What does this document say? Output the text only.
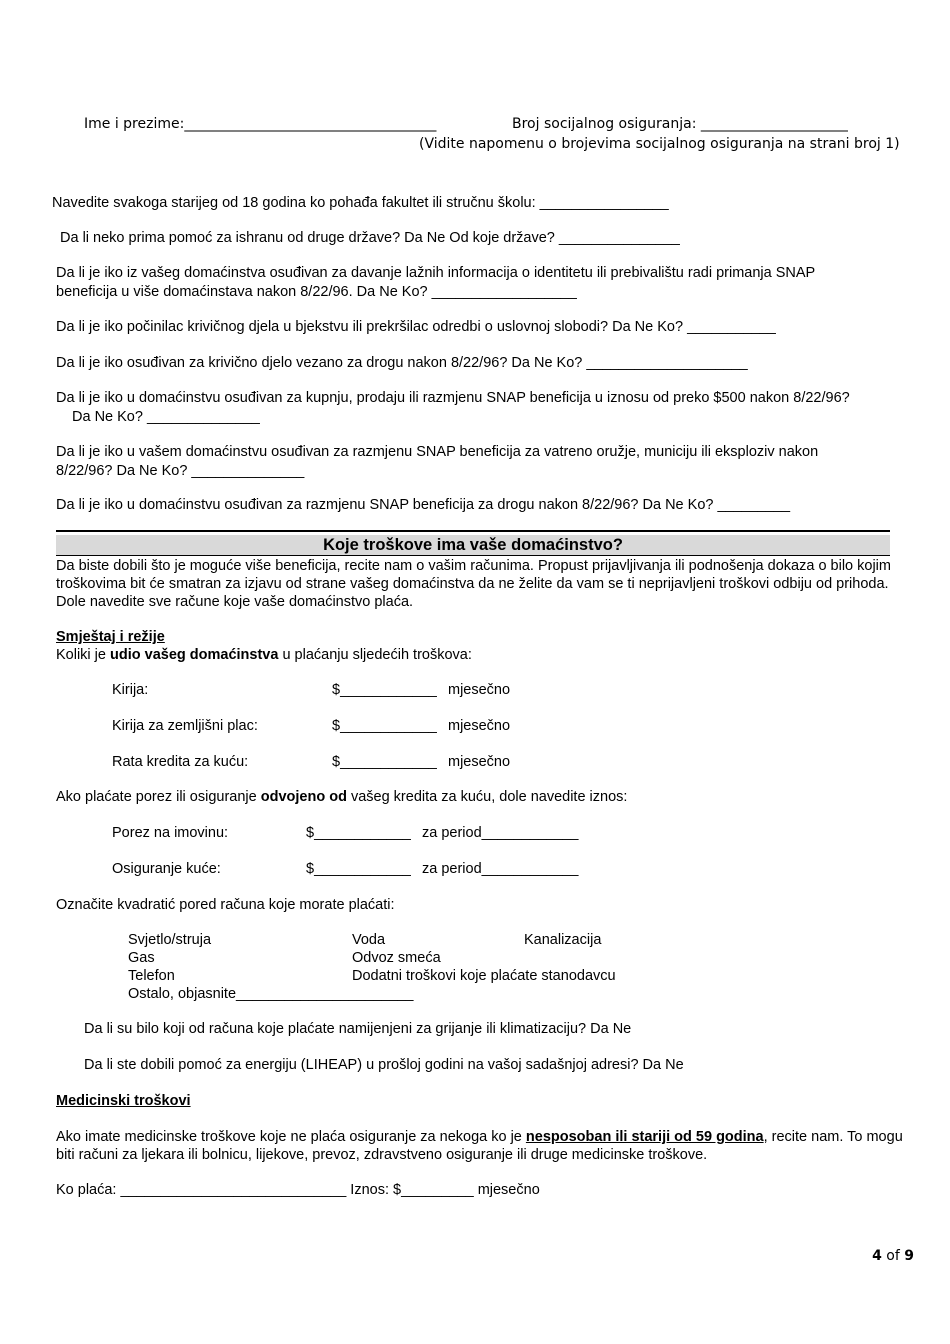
Ime i prezime:____________________________________	Broj socijalnog osiguranja: _____________________
(Vidite napomenu o brojevima socijalnog osiguranja na strani broj 1)
Navedite svakoga starijeg od 18 godina ko pohađa fakultet ili stručnu školu: ________________
Da li neko prima pomoć za ishranu od druge države? Da Ne Od koje države? _______________
Da li je iko iz vašeg domaćinstva osuđivan za davanje lažnih informacija o identitetu ili prebivalištu radi primanja SNAP
beneficija u više domaćinstava nakon 8/22/96. Da Ne Ko? __________________
Da li je iko počinilac krivičnog djela u bjekstvu ili prekršilac odredbi o uslovnoj slobodi? Da Ne Ko? ___________
Da li je iko osuđivan za krivično djelo vezano za drogu nakon 8/22/96? Da Ne Ko? ____________________
Da li je iko u domaćinstvu osuđivan za kupnju, prodaju ili razmjenu SNAP beneficija u iznosu od preko $500 nakon 8/22/96?
Da Ne Ko? ______________
Da li je iko u vašem domaćinstvu osuđivan za razmjenu SNAP beneficija za vatreno oružje, municiju ili eksploziv nakon
8/22/96? Da Ne Ko? ______________
Da li je iko u domaćinstvu osuđivan za razmjenu SNAP beneficija za drogu nakon 8/22/96? Da Ne Ko? _________
Koje troškove ima vaše domaćinstvo?
Da biste dobili što je moguće više beneficija, recite nam o vašim računima. Propust prijavljivanja ili podnošenja dokaza o bilo kojim troškovima bit će smatran za izjavu od strane vašeg domaćinstva da ne želite da vam se ti neprijavljeni troškovi odbiju od prihoda. Dole navedite sve račune koje vaše domaćinstvo plaća.
Smještaj i režije
Koliki je udio vašeg domaćinstva u plaćanju sljedećih troškova:
Kirija:	$____________ mjesečno
Kirija za zemljišni plac:	$____________ mjesečno
Rata kredita za kuću:	$____________ mjesečno
Ako plaćate porez ili osiguranje odvojeno od vašeg kredita za kuću, dole navedite iznos:
Porez na imovinu:	$____________ za period____________
Osiguranje kuće:	$____________ za period____________
Označite kvadratić pored računa koje morate plaćati:
Svjetlo/struja	Voda	Kanalizacija
Gas	Odvoz smeća
Telefon	Dodatni troškovi koje plaćate stanodavcu
Ostalo, objasnite______________________
Da li su bilo koji od računa koje plaćate namijenjeni za grijanje ili klimatizaciju? Da Ne
Da li ste dobili pomoć za energiju (LIHEAP) u prošloj godini na vašoj sadašnjoj adresi? Da Ne
Medicinski troškovi
Ako imate medicinske troškove koje ne plaća osiguranje za nekoga ko je nesposoban ili stariji od 59 godina, recite nam. To mogu biti računi za ljekara ili bolnicu, lijekove, prevoz, zdravstveno osiguranje ili druge medicinske troškove.
Ko plaća: ____________________________ Iznos: $_________ mjesečno
4 of 9
